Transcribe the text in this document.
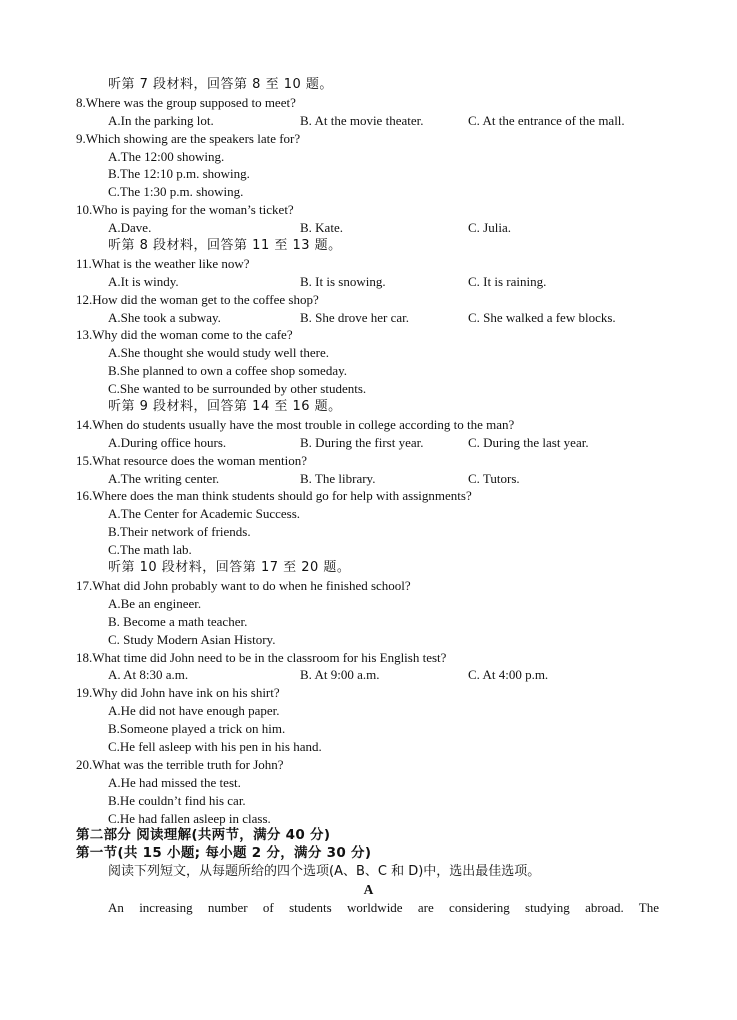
听第 7 段材料，回答第 8 至 10 题。
8.Where was the group supposed to meet?
A.In the parking lot.	B. At the movie theater.	C. At the entrance of the mall.
9.Which showing are the speakers late for?
A.The 12:00 showing.
B.The 12:10 p.m. showing.
C.The 1:30 p.m. showing.
10.Who is paying for the woman’s ticket?
A.Dave.	B. Kate.	C. Julia.
听第 8 段材料，回答第 11 至 13 题。
11.What is the weather like now?
A.It is windy.	B. It is snowing.	C. It is raining.
12.How did the woman get to the coffee shop?
A.She took a subway.	B. She drove her car.	C. She walked a few blocks.
13.Why did the woman come to the cafe?
A.She thought she would study well there.
B.She planned to own a coffee shop someday.
C.She wanted to be surrounded by other students.
听第 9 段材料，回答第 14 至 16 题。
14.When do students usually have the most trouble in college according to the man?
A.During office hours.	B. During the first year.	C. During the last year.
15.What resource does the woman mention?
A.The writing center.	B. The library.	C. Tutors.
16.Where does the man think students should go for help with assignments?
A.The Center for Academic Success.
B.Their network of friends.
C.The math lab.
听第 10 段材料，回答第 17 至 20 题。
17.What did John probably want to do when he finished school?
A.Be an engineer.
B. Become a math teacher.
C. Study Modern Asian History.
18.What time did John need to be in the classroom for his English test?
A. At 8:30 a.m.	B. At 9:00 a.m.	C. At 4:00 p.m.
19.Why did John have ink on his shirt?
A.He did not have enough paper.
B.Someone played a trick on him.
C.He fell asleep with his pen in his hand.
20.What was the terrible truth for John?
A.He had missed the test.
B.He couldn’t find his car.
C.He had fallen asleep in class.
第二部分 阅读理解(共两节，满分 40 分)
第一节(共 15 小题; 每小题 2 分，满分 30 分)
阅读下列短文，从每题所给的四个选项(A、B、C 和 D)中，选出最佳选项。
A
An increasing number of students worldwide are considering studying abroad. The
